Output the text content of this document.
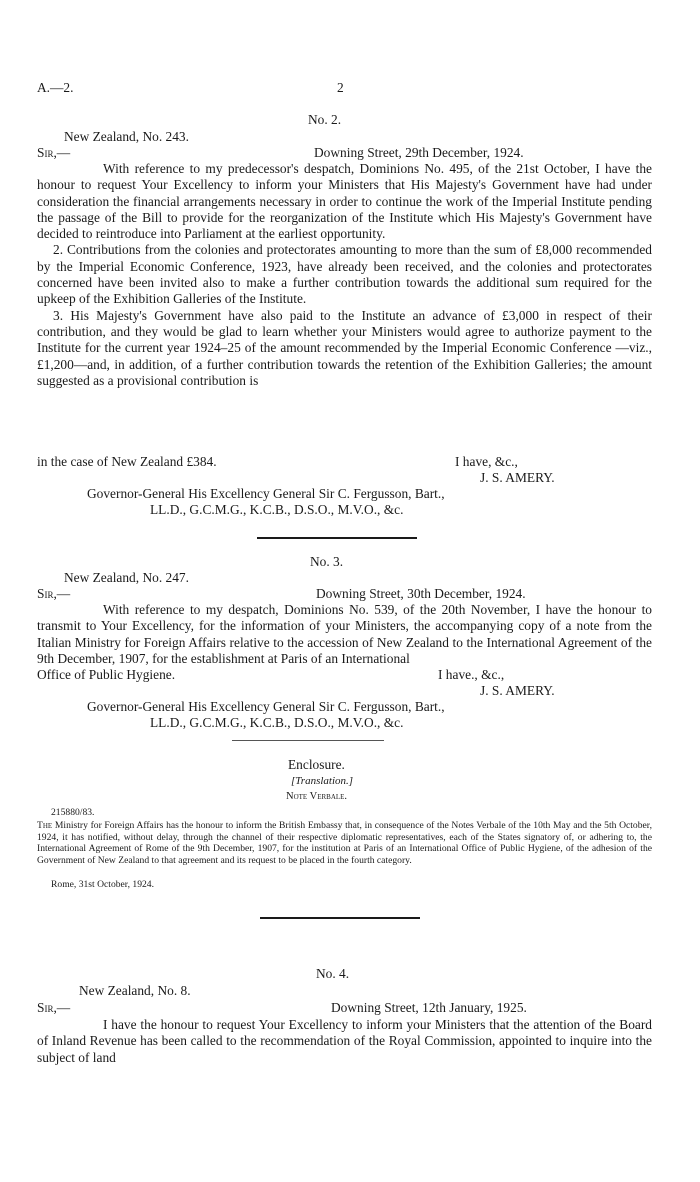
A.—2.	2
No. 2.
New Zealand, No. 243.
Sir,—	Downing Street, 29th December, 1924.

With reference to my predecessor's despatch, Dominions No. 495, of the 21st October, I have the honour to request Your Excellency to inform your Ministers that His Majesty's Government have had under consideration the financial arrangements necessary in order to continue the work of the Imperial Institute pending the passage of the Bill to provide for the reorganization of the Institute which His Majesty's Government have decided to reintroduce into Parliament at the earliest opportunity.

2. Contributions from the colonies and protectorates amounting to more than the sum of £8,000 recommended by the Imperial Economic Conference, 1923, have already been received, and the colonies and protectorates concerned have been invited also to make a further contribution towards the additional sum required for the upkeep of the Exhibition Galleries of the Institute.

3. His Majesty's Government have also paid to the Institute an advance of £3,000 in respect of their contribution, and they would be glad to learn whether your Ministers would agree to authorize payment to the Institute for the current year 1924–25 of the amount recommended by the Imperial Economic Conference —viz., £1,200—and, in addition, of a further contribution towards the retention of the Exhibition Galleries; the amount suggested as a provisional contribution is

in the case of New Zealand £384.	I have, &c.,
J. S. AMERY.
Governor-General His Excellency General Sir C. Fergusson, Bart.,
LL.D., G.C.M.G., K.C.B., D.S.O., M.V.O., &c.
No. 3.
New Zealand, No. 247.
Sir,—	Downing Street, 30th December, 1924.

With reference to my despatch, Dominions No. 539, of the 20th November, I have the honour to transmit to Your Excellency, for the information of your Ministers, the accompanying copy of a note from the Italian Ministry for Foreign Affairs relative to the accession of New Zealand to the International Agreement of the 9th December, 1907, for the establishment at Paris of an International

Office of Public Hygiene.	I have., &c.,
J. S. AMERY.
Governor-General His Excellency General Sir C. Fergusson, Bart.,
LL.D., G.C.M.G., K.C.B., D.S.O., M.V.O., &c.
Enclosure.
[Translation.]
Note Verbale.
215880/83.

The Ministry for Foreign Affairs has the honour to inform the British Embassy that, in consequence of the Notes Verbale of the 10th May and the 5th October, 1924, it has notified, without delay, through the channel of their respective diplomatic representatives, each of the States signatory of, or adhering to, the International Agreement of Rome of the 9th December, 1907, for the institution at Paris of an International Office of Public Hygiene, of the adhesion of the Government of New Zealand to that agreement and its request to be placed in the fourth category.

Rome, 31st October, 1924.
No. 4.
New Zealand, No. 8.
Sir,—	Downing Street, 12th January, 1925.

I have the honour to request Your Excellency to inform your Ministers that the attention of the Board of Inland Revenue has been called to the recommendation of the Royal Commission, appointed to inquire into the subject of land
